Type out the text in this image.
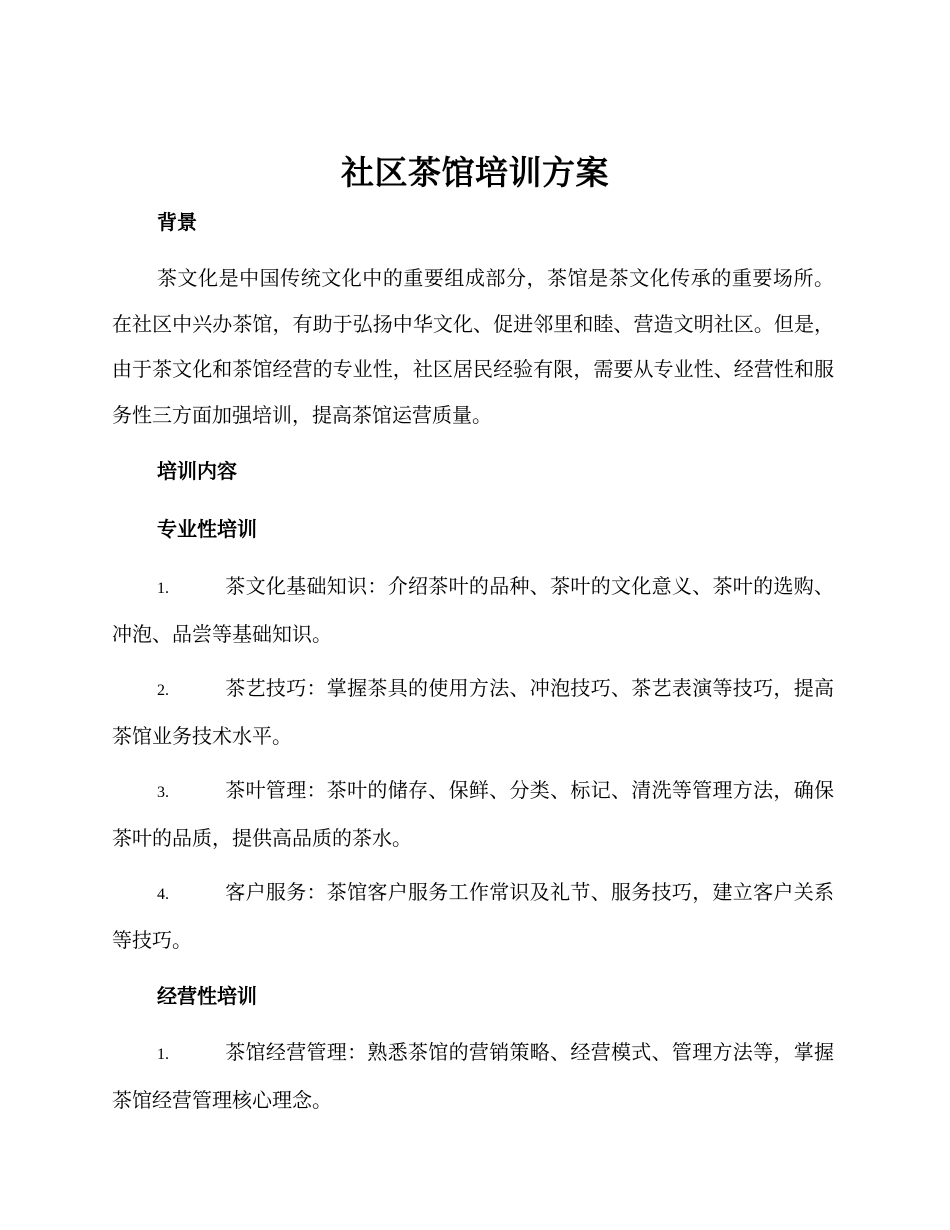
社区茶馆培训方案
背景

茶文化是中国传统文化中的重要组成部分，茶馆是茶文化传承的重要场所。在社区中兴办茶馆，有助于弘扬中华文化、促进邻里和睦、营造文明社区。但是，由于茶文化和茶馆经营的专业性，社区居民经验有限，需要从专业性、经营性和服务性三方面加强培训，提高茶馆运营质量。

培训内容
专业性培训

1.	茶文化基础知识：介绍茶叶的品种、茶叶的文化意义、茶叶的选购、冲泡、品尝等基础知识。

2.	茶艺技巧：掌握茶具的使用方法、冲泡技巧、茶艺表演等技巧，提高茶馆业务技术水平。

3.	茶叶管理：茶叶的储存、保鲜、分类、标记、清洗等管理方法，确保茶叶的品质，提供高品质的茶水。

4.	客户服务：茶馆客户服务工作常识及礼节、服务技巧，建立客户关系等技巧。

经营性培训

1.	茶馆经营管理：熟悉茶馆的营销策略、经营模式、管理方法等，掌握茶馆经营管理核心理念。
